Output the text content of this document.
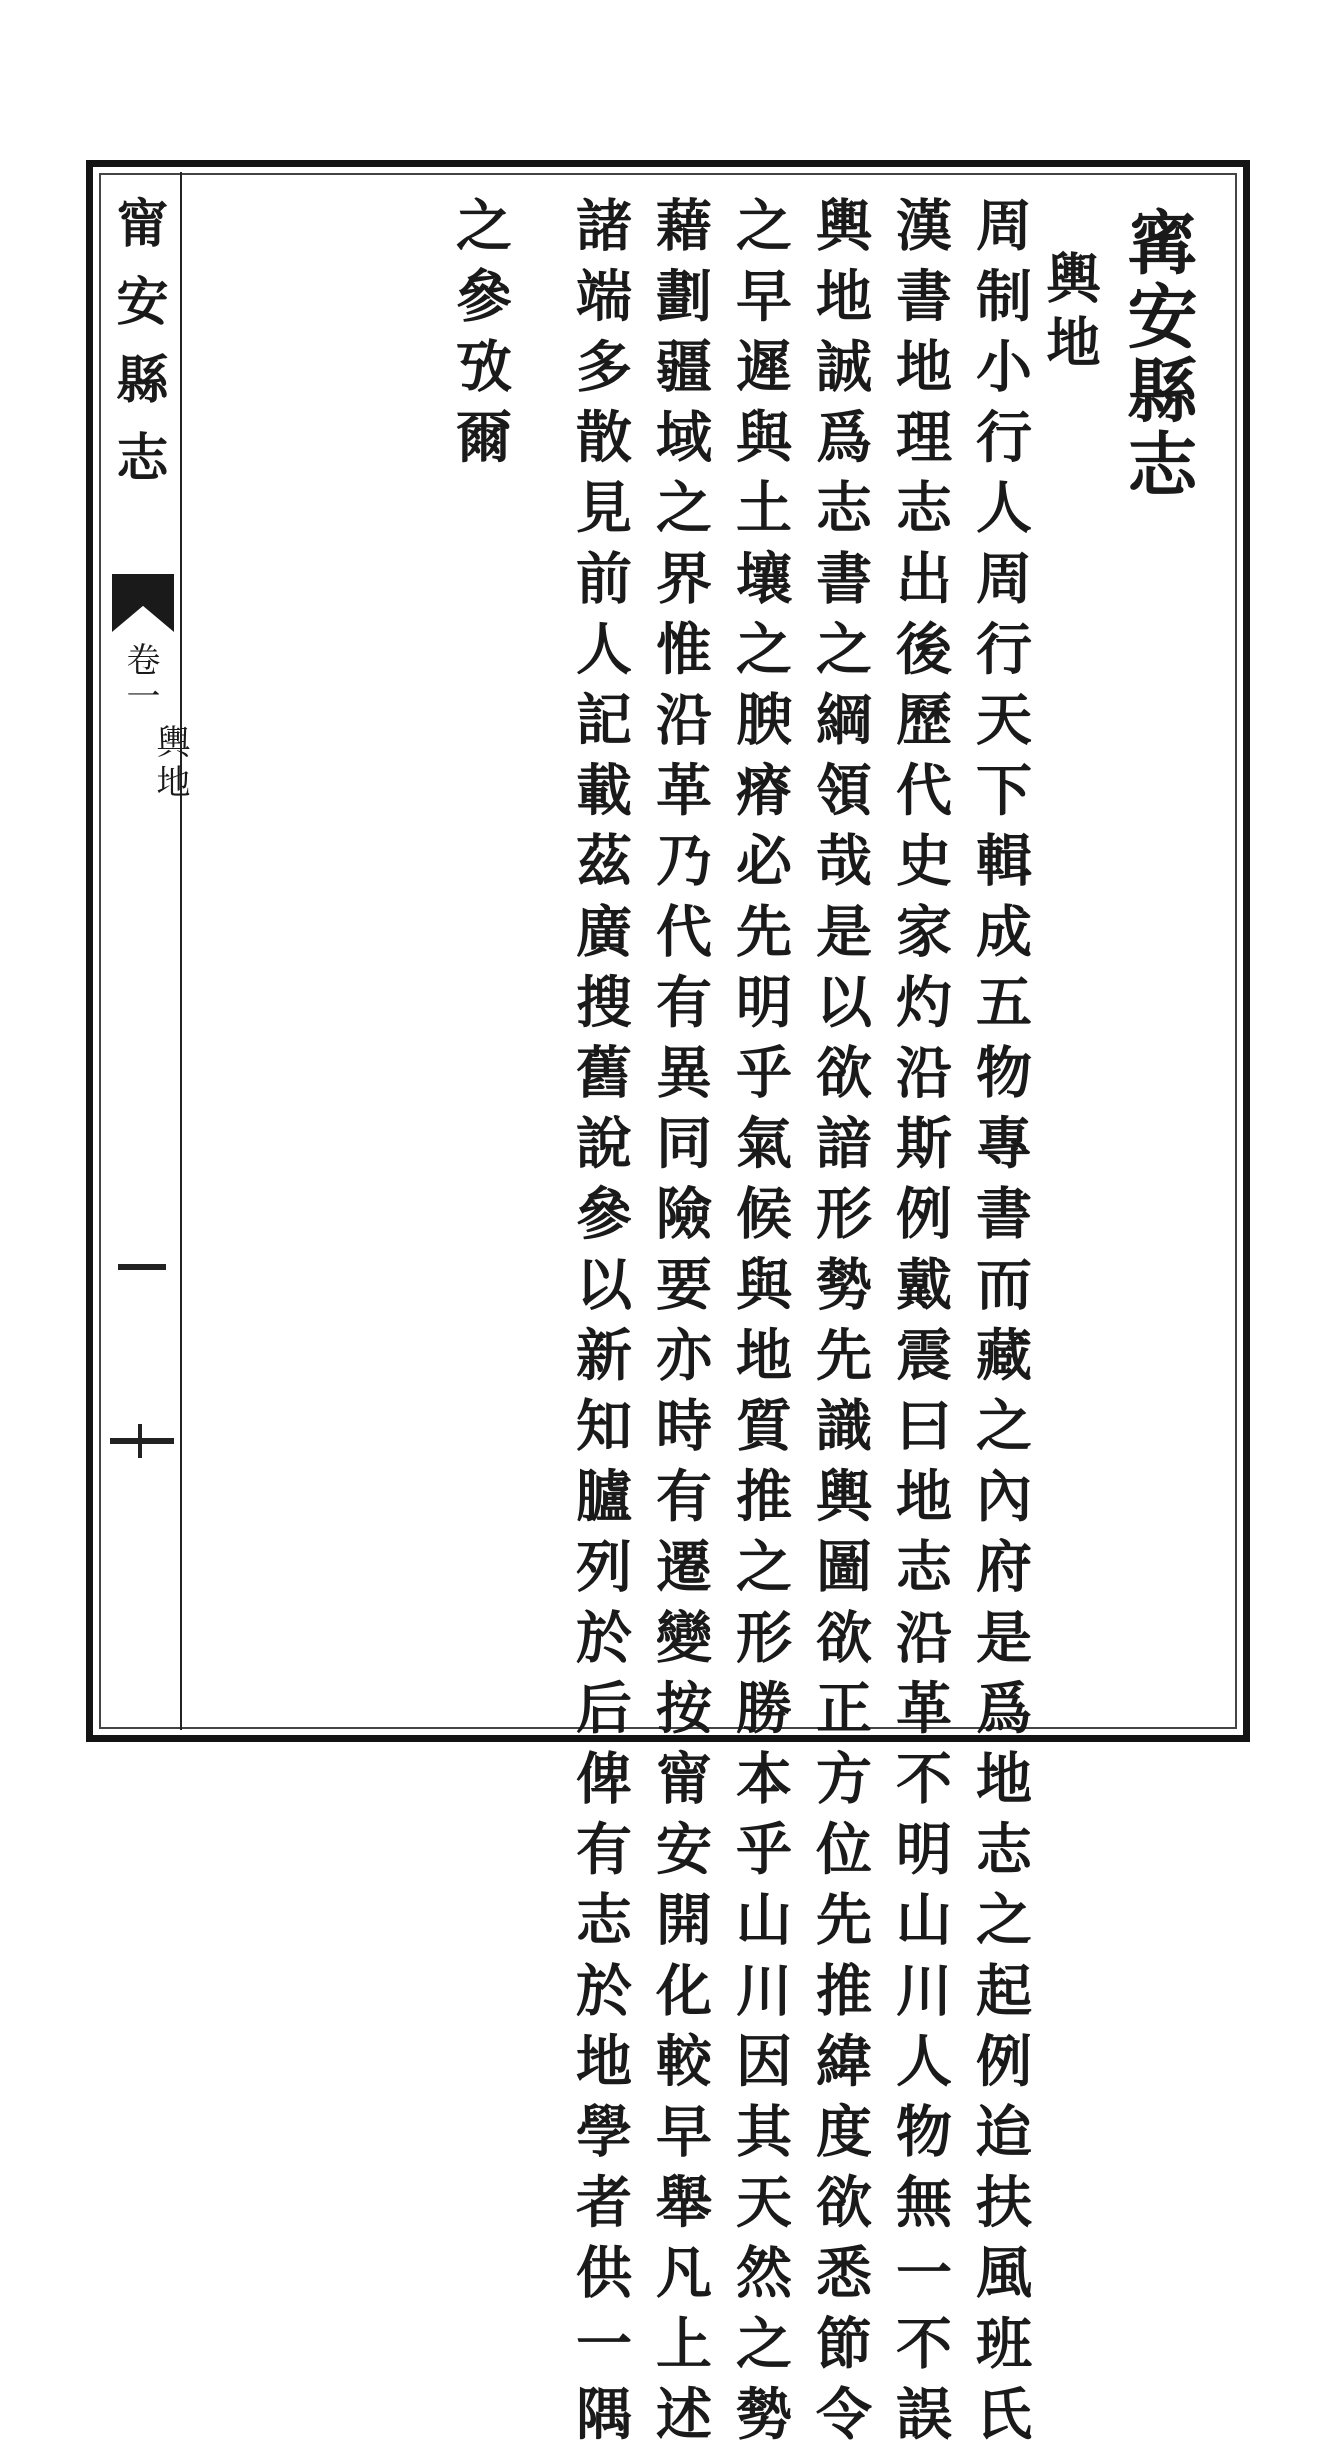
甯安縣志
卷一
輿地
寗安縣志
輿地
周制小行人周行天下輯成五物專書而藏之內府是爲地志之起例迨扶風班氏
漢書地理志出後歷代史家灼沿斯例戴震曰地志沿革不明山川人物無一不誤
輿地誠爲志書之綱領哉是以欲諳形勢先識輿圖欲正方位先推緯度欲悉節令
之早遲與土壤之腴瘠必先明乎氣候與地質推之形勝本乎山川因其天然之勢
藉劃疆域之界惟沿革乃代有異同險要亦時有遷變按甯安開化較早舉凡上述
諸端多散見前人記載茲廣搜舊說參以新知臚列於后俾有志於地學者供一隅
之參攷爾
